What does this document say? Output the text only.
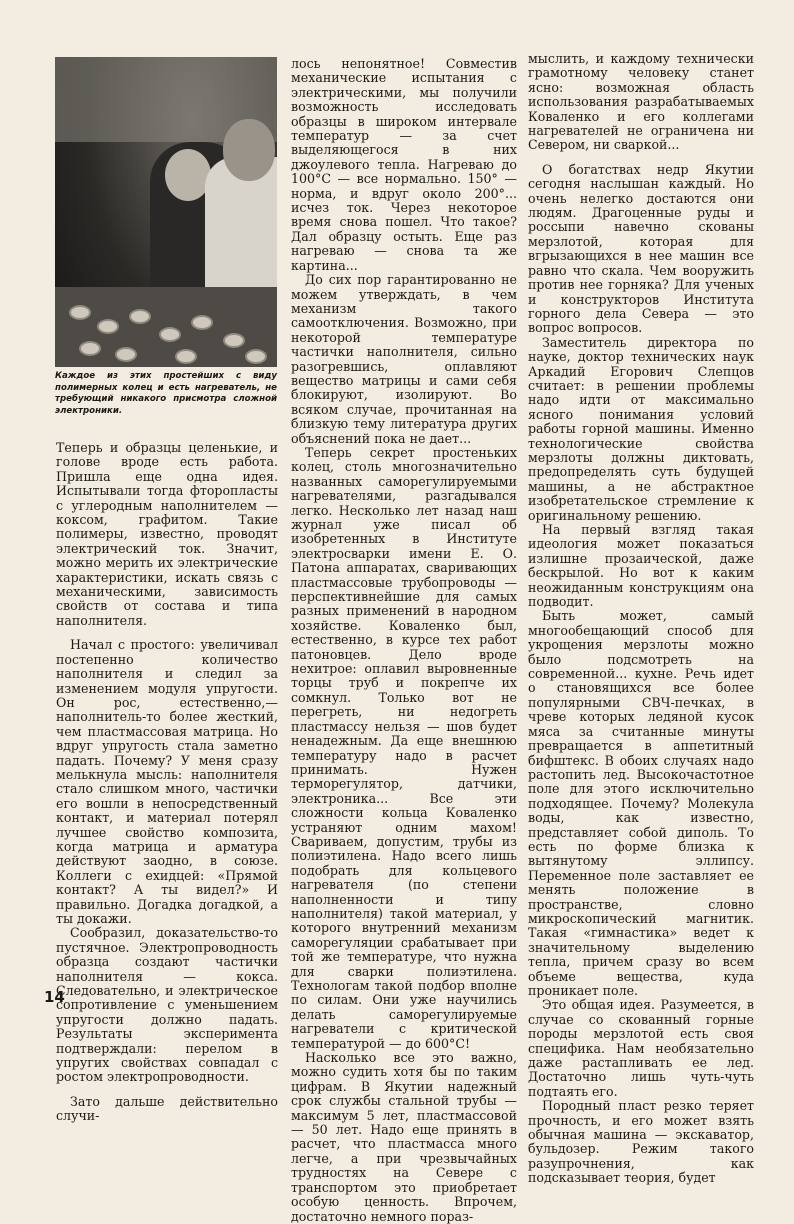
Каждое из этих простейших с виду полимерных колец и есть нагреватель, не требующий никакого присмотра сложной электроники.

Теперь и образцы целенькие, и голове вроде есть работа. Пришла еще одна идея. Испытывали тогда фторопласты с углеродным наполнителем — коксом, графитом. Такие полимеры, известно, проводят электрический ток. Значит, можно мерить их электрические характеристики, искать связь с механическими, зависимость свойств от состава и типа наполнителя.

Начал с простого: увеличивал постепенно количество наполнителя и следил за изменением модуля упругости. Он рос, естественно,— наполнитель-то более жесткий, чем пластмассовая матрица. Но вдруг упругость стала заметно падать. Почему? У меня сразу мелькнула мысль: наполнителя стало слишком много, частички его вошли в непосредственный контакт, и материал потерял лучшее свойство композита, когда матрица и арматура действуют заодно, в союзе. Коллеги с ехидцей: «Прямой контакт? А ты видел?» И правильно. Догадка догадкой, а ты докажи.

Сообразил, доказательство-то пустячное. Электропроводность образца создают частички наполнителя — кокса. Следовательно, и электрическое сопротивление с уменьшением упругости должно падать. Результаты эксперимента подтверждали: перелом в упругих свойствах совпадал с ростом электропроводности.

Зато дальше действительно случи-

лось непонятное! Совместив механические испытания с электрическими, мы получили возможность исследовать образцы в широком интервале температур — за счет выделяющегося в них джоулевого тепла. Нагреваю до 100°С — все нормально. 150° — норма, и вдруг около 200°... исчез ток. Через некоторое время снова пошел. Что такое? Дал образцу остыть. Еще раз нагреваю — снова та же картина...

До сих пор гарантированно не можем утверждать, в чем механизм такого самоотключения. Возможно, при некоторой температуре частички наполнителя, сильно разогревшись, оплавляют вещество матрицы и сами себя блокируют, изолируют. Во всяком случае, прочитанная на близкую тему литература других объяснений пока не дает...

Теперь секрет простеньких колец, столь многозначительно названных саморегулируемыми нагревателями, разгадывался легко. Несколько лет назад наш журнал уже писал об изобретенных в Институте электросварки имени Е. О. Патона аппаратах, сваривающих пластмассовые трубопроводы — перспективнейшие для самых разных применений в народном хозяйстве. Коваленко был, естественно, в курсе тех работ патоновцев. Дело вроде нехитрое: оплавил выровненные торцы труб и покрепче их сомкнул. Только вот не перегреть, ни недогреть пластмассу нельзя — шов будет ненадежным. Да еще внешнюю температуру надо в расчет принимать. Нужен терморегулятор, датчики, электроника... Все эти сложности кольца Коваленко устраняют одним махом! Свариваем, допустим, трубы из полиэтилена. Надо всего лишь подобрать для кольцевого нагревателя (по степени наполненности и типу наполнителя) такой материал, у которого внутренний механизм саморегуляции срабатывает при той же температуре, что нужна для сварки полиэтилена. Технологам такой подбор вполне по силам. Они уже научились делать саморегулируемые нагреватели с критической температурой — до 600°С!

Насколько все это важно, можно судить хотя бы по таким цифрам. В Якутии надежный срок службы стальной трубы — максимум 5 лет, пластмассовой — 50 лет. Надо еще принять в расчет, что пластмасса много легче, а при чрезвычайных трудностях на Севере с транспортом это приобретает особую ценность. Впрочем, достаточно немного пораз-

мыслить, и каждому технически грамотному человеку станет ясно: возможная область использования разрабатываемых Коваленко и его коллегами нагревателей не ограничена ни Севером, ни сваркой...

О богатствах недр Якутии сегодня наслышан каждый. Но очень нелегко достаются они людям. Драгоценные руды и россыпи навечно скованы мерзлотой, которая для вгрызающихся в нее машин все равно что скала. Чем вооружить против нее горняка? Для ученых и конструкторов Института горного дела Севера — это вопрос вопросов.

Заместитель директора по науке, доктор технических наук Аркадий Егорович Слепцов считает: в решении проблемы надо идти от максимально ясного понимания условий работы горной машины. Именно технологические свойства мерзлоты должны диктовать, предопределять суть будущей машины, а не абстрактное изобретательское стремление к оригинальному решению.

На первый взгляд такая идеология может показаться излишне прозаической, даже бескрылой. Но вот к каким неожиданным конструкциям она подводит.

Быть может, самый многообещающий способ для укрощения мерзлоты можно было подсмотреть на современной... кухне. Речь идет о становящихся все более популярными СВЧ-печках, в чреве которых ледяной кусок мяса за считанные минуты превращается в аппетитный бифштекс. В обоих случаях надо растопить лед. Высокочастотное поле для этого исключительно подходящее. Почему? Молекула воды, как известно, представляет собой диполь. То есть по форме близка к вытянутому эллипсу. Переменное поле заставляет ее менять положение в пространстве, словно микроскопический магнитик. Такая «гимнастика» ведет к значительному выделению тепла, причем сразу во всем объеме вещества, куда проникает поле.

Это общая идея. Разумеется, в случае со скованный горные породы мерзлотой есть своя специфика. Нам необязательно даже растапливать ее лед. Достаточно лишь чуть-чуть подтаять его.

Породный пласт резко теряет прочность, и его может взять обычная машина — экскаватор, бульдозер. Режим такого разупрочнения, как подсказывает теория, будет

14
